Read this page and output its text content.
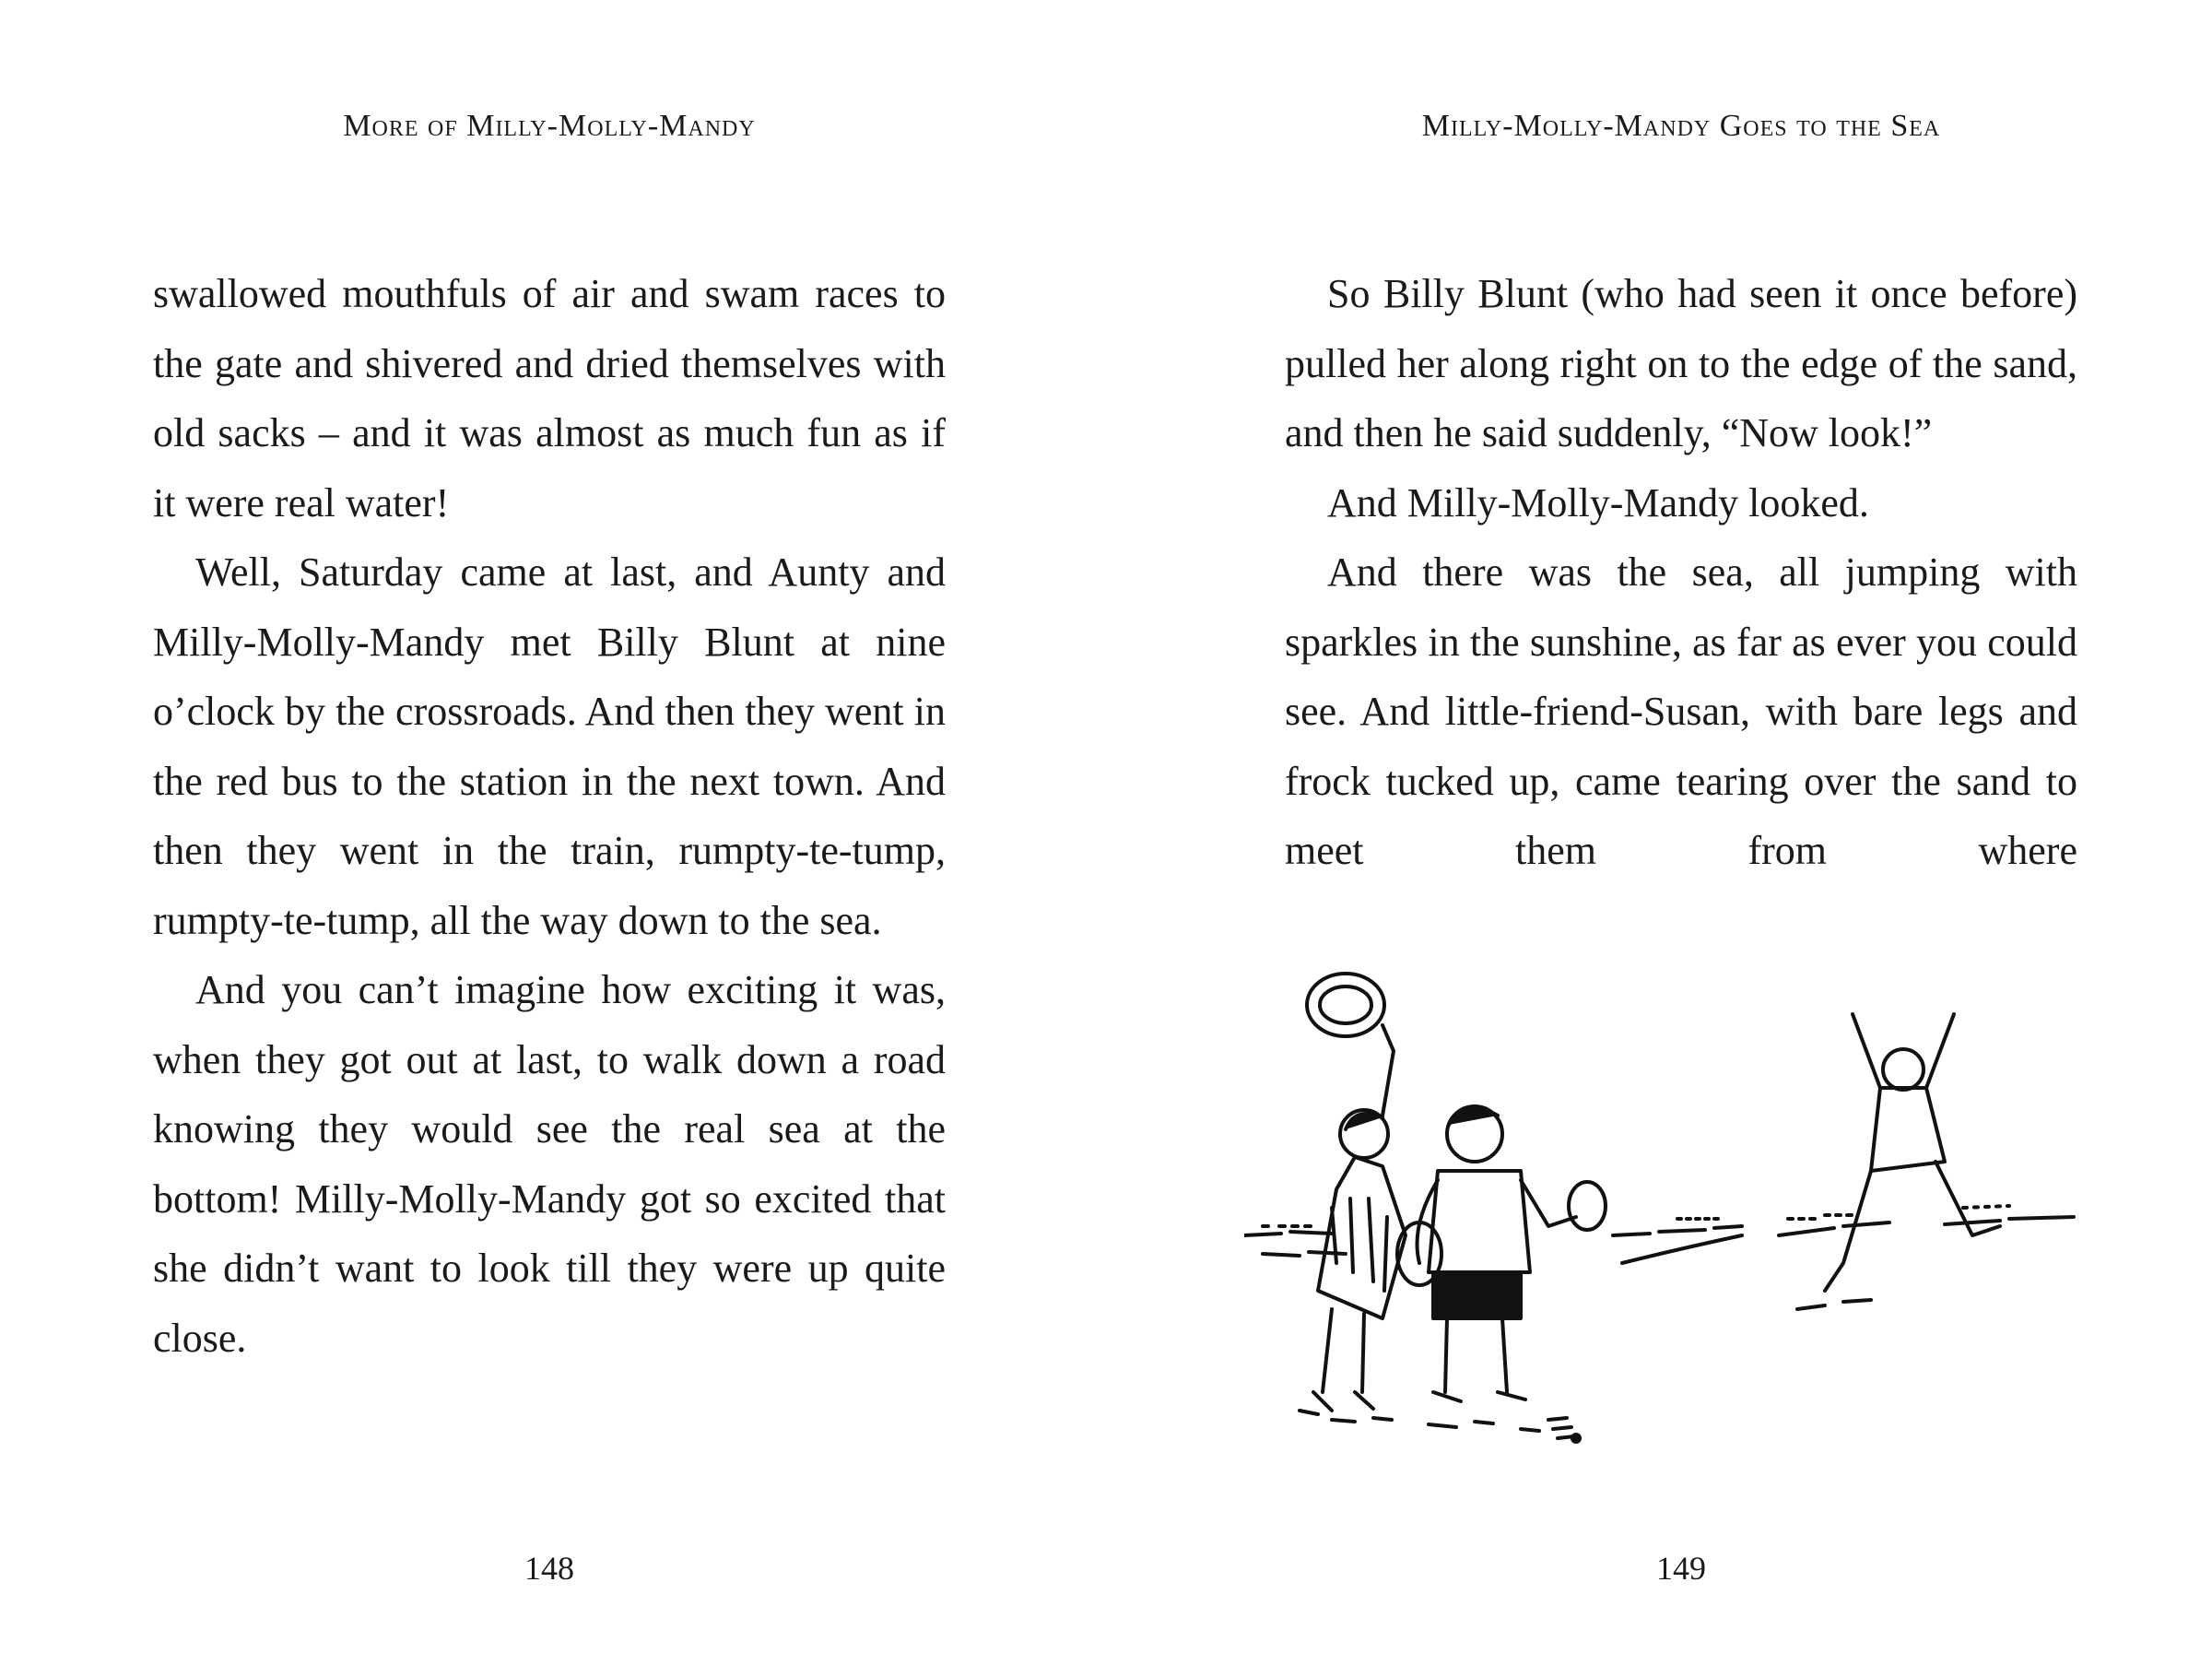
More of Milly-Molly-Mandy

swallowed mouthfuls of air and swam races to the gate and shivered and dried themselves with old sacks – and it was almost as much fun as if it were real water!

Well, Saturday came at last, and Aunty and Milly-Molly-Mandy met Billy Blunt at nine o’clock by the crossroads. And then they went in the red bus to the station in the next town. And then they went in the train, rumpty-te-tump, rumpty-te-tump, all the way down to the sea.

And you can’t imagine how exciting it was, when they got out at last, to walk down a road knowing they would see the real sea at the bottom! Milly-Molly-Mandy got so excited that she didn’t want to look till they were up quite close.

148
Milly-Molly-Mandy Goes to the Sea

So Billy Blunt (who had seen it once before) pulled her along right on to the edge of the sand, and then he said suddenly, “Now look!”

And Milly-Molly-Mandy looked.

And there was the sea, all jumping with sparkles in the sunshine, as far as ever you could see. And little-friend-Susan, with bare legs and frock tucked up, came tearing over the sand to meet them from where

149
